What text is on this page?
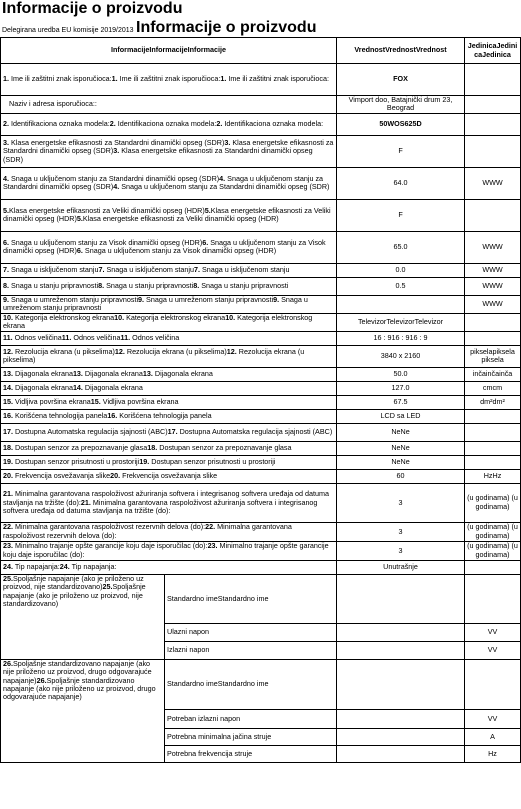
Informacije o proizvodu
Delegirana uredba EU komisije 2019/2013 Informacije o proizvodu
InformacijeInformacijeInformacije		VrednostVrednostVrednost	JedinicaJedinicaJedinica
1. Ime ili zaštitni znak isporučioca:1. Ime ili zaštitni znak isporučioca:1. Ime ili zaštitni znak isporučioca:		FOX	
Naziv i adresa isporučioca::		Vimport doo, Batajnički drum 23, Beograd	
2. Identifikaciona oznaka modela:2. Identifikaciona oznaka modela:2. Identifikaciona oznaka modela:		50WOS625D	
3. Klasa energetske efikasnosti za Standardni dinamički opseg (SDR)3. Klasa energetske efikasnosti za Standardni dinamički opseg (SDR)3. Klasa energetske efikasnosti za Standardni dinamički opseg (SDR)		F	
4. Snaga u uključenom stanju za Standardni dinamički opseg (SDR)4. Snaga u uključenom stanju za Standardni dinamički opseg (SDR)4. Snaga u uključenom stanju za Standardni dinamički opseg (SDR)		64.0	WWW
5.Klasa energetske efikasnosti za Veliki dinamički opseg (HDR)5.Klasa energetske efikasnosti za Veliki dinamički opseg (HDR)5.Klasa energetske efikasnosti za Veliki dinamički opseg (HDR)		F	
6. Snaga u uključenom stanju za Visok dinamički opseg (HDR)6. Snaga u uključenom stanju za Visok dinamički opseg (HDR)6. Snaga u uključenom stanju za Visok dinamički opseg (HDR)		65.0	WWW
7. Snaga u isključenom stanju7. Snaga u isključenom stanju7. Snaga u isključenom stanju		0.0	WWW
8. Snaga u stanju pripravnosti8. Snaga u stanju pripravnosti8. Snaga u stanju pripravnosti		0.5	WWW
9. Snaga u umreženom stanju pripravnosti9. Snaga u umreženom stanju pripravnosti9. Snaga u umreženom stanju pripravnosti			WWW
10. Kategorija elektronskog ekrana10. Kategorija elektronskog ekrana10. Kategorija elektronskog ekrana		TelevizorTelevizorTelevizor	
11. Odnos veličina11. Odnos veličina11. Odnos veličina		16 : 916 : 916 : 9	
12. Rezolucija ekrana (u pikselima)12. Rezolucija ekrana (u pikselima)12. Rezolucija ekrana (u pikselima)		3840 x 2160	pikselapiksela piksela
13. Dijagonala ekrana13. Dijagonala ekrana13. Dijagonala ekrana		50.0	inčainčainča
14. Dijagonala ekrana14. Dijagonala ekrana		127.0	cmcm
15. Vidljiva površina ekrana15. Vidljiva površina ekrana		67.5	dm²dm²
16. Korišćena tehnologija panela16. Korišćena tehnologija panela		LCD sa LED	
17. Dostupna Automatska regulacija sjajnosti (ABC)17. Dostupna Automatska regulacija sjajnosti (ABC)		NeNe	
18. Dostupan senzor za prepoznavanje glasa18. Dostupan senzor za prepoznavanje glasa		NeNe	
19. Dostupan senzor prisutnosti u prostoriji19. Dostupan senzor prisutnosti u prostoriji		NeNe	
20. Frekvencija osvežavanja slike20. Frekvencija osvežavanja slike		60	HzHz
21. Minimalna garantovana raspoloživost ažuriranja softvera i integrisanog softvera uređaja od datuma stavljanja na tržište (do):21. Minimalna garantovana raspoloživost ažuriranja softvera i integrisanog softvera uređaja od datuma stavljanja na tržište (do):		3	(u godinama) (u godinama)
22. Minimalna garantovana raspoloživost rezervnih delova (do):22. Minimalna garantovana raspoloživost rezervnih delova (do):		3	(u godinama) (u godinama)
23. Minimalno trajanje opšte garancije koju daje isporučilac (do):23. Minimalno trajanje opšte garancije koju daje isporučilac (do):		3	(u godinama) (u godinama)
24. Tip napajanja:24. Tip napajanja:		Unutrašnje	
25.Spoljašnje napajanje (ako je priloženo uz proizvod, nije standardizovano)25.Spoljašnje napajanje (ako je priloženo uz proizvod, nije standardizovano)	Standardno imeStandardno ime		
	Ulazni napon		VV
	Izlazni napon		VV
26.Spoljašnje standardizovano napajanje (ako nije priloženo uz proizvod, drugo odgovarajuće napajanje)26.Spoljašnje standardizovano napajanje (ako nije priloženo uz proizvod, drugo odgovarajuće napajanje)	Standardno imeStandardno ime		
	Potreban izlazni napon		VV
	Potrebna minimalna jačina struje		A
	Potrebna frekvencija struje		Hz
